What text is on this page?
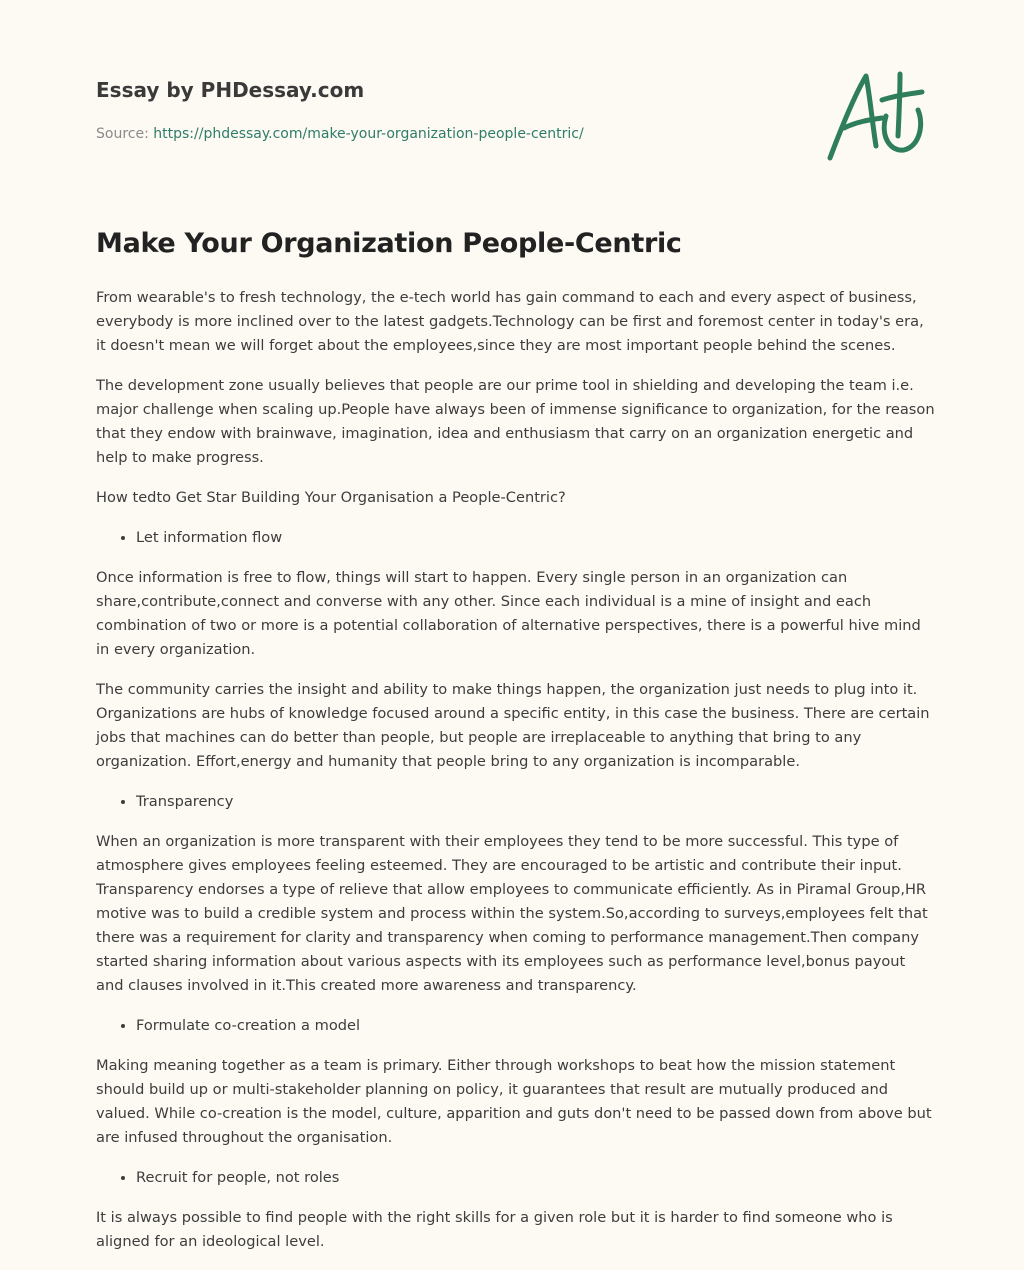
Essay by PHDessay.com
Source: https://phdessay.com/make-your-organization-people-centric/
Make Your Organization People-Centric

From wearable's to fresh technology, the e-tech world has gain command to each and every aspect of business, everybody is more inclined over to the latest gadgets.Technology can be first and foremost center in today's era, it doesn't mean we will forget about the employees,since they are most important people behind the scenes.

The development zone usually believes that people are our prime tool in shielding and developing the team i.e. major challenge when scaling up.People have always been of immense significance to organization, for the reason that they endow with brainwave, imagination, idea and enthusiasm that carry on an organization energetic and help to make progress.

How tedto Get Star Building Your Organisation a People-Centric?

• Let information flow

Once information is free to flow, things will start to happen. Every single person in an organization can share,contribute,connect and converse with any other. Since each individual is a mine of insight and each combination of two or more is a potential collaboration of alternative perspectives, there is a powerful hive mind in every organization.

The community carries the insight and ability to make things happen, the organization just needs to plug into it. Organizations are hubs of knowledge focused around a specific entity, in this case the business. There are certain jobs that machines can do better than people, but people are irreplaceable to anything that bring to any organization. Effort,energy and humanity that people bring to any organization is incomparable.

• Transparency

When an organization is more transparent with their employees they tend to be more successful. This type of atmosphere gives employees feeling esteemed. They are encouraged to be artistic and contribute their input. Transparency endorses a type of relieve that allow employees to communicate efficiently. As in Piramal Group,HR motive was to build a credible system and process within the system.So,according to surveys,employees felt that there was a requirement for clarity and transparency when coming to performance management.Then company started sharing information about various aspects with its employees such as performance level,bonus payout and clauses involved in it.This created more awareness and transparency.

• Formulate co-creation a model

Making meaning together as a team is primary. Either through workshops to beat how the mission statement should build up or multi-stakeholder planning on policy, it guarantees that result are mutually produced and valued. While co-creation is the model, culture, apparition and guts don't need to be passed down from above but are infused throughout the organisation.

• Recruit for people, not roles

It is always possible to find people with the right skills for a given role but it is harder to find someone who is aligned for an ideological level.
